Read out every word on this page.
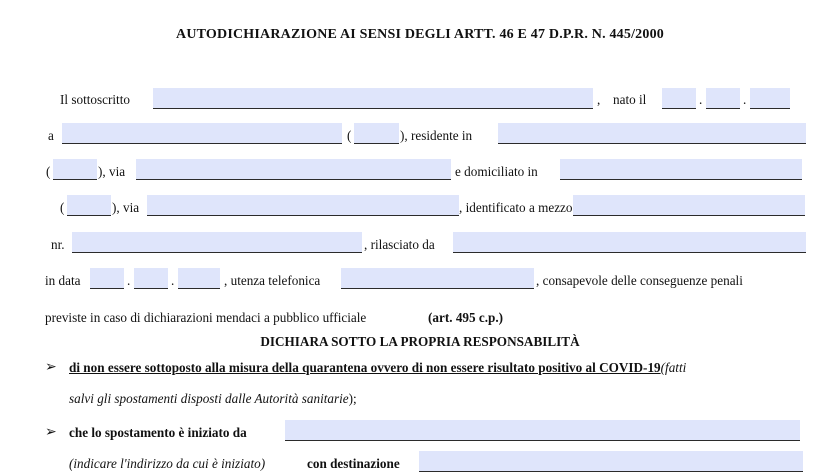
AUTODICHIARAZIONE AI SENSI DEGLI ARTT. 46 E 47 D.P.R. N. 445/2000
Il sottoscritto	, nato il	.	.
a	(	), residente in
(	), via	e domiciliato in
(	), via	, identificato a mezzo
nr.	, rilasciato da
in data	.	.	, utenza telefonica	, consapevole delle conseguenze penali
previste in caso di dichiarazioni mendaci a pubblico ufficiale	(art. 495 c.p.)
DICHIARA SOTTO LA PROPRIA RESPONSABILITÀ
➢ di non essere sottoposto alla misura della quarantena ovvero di non essere risultato positivo al COVID-19(fatti
salvi gli spostamenti disposti dalle Autorità sanitarie);
➢ che lo spostamento è iniziato da
(indicare l'indirizzo da cui è iniziato)	con destinazione
